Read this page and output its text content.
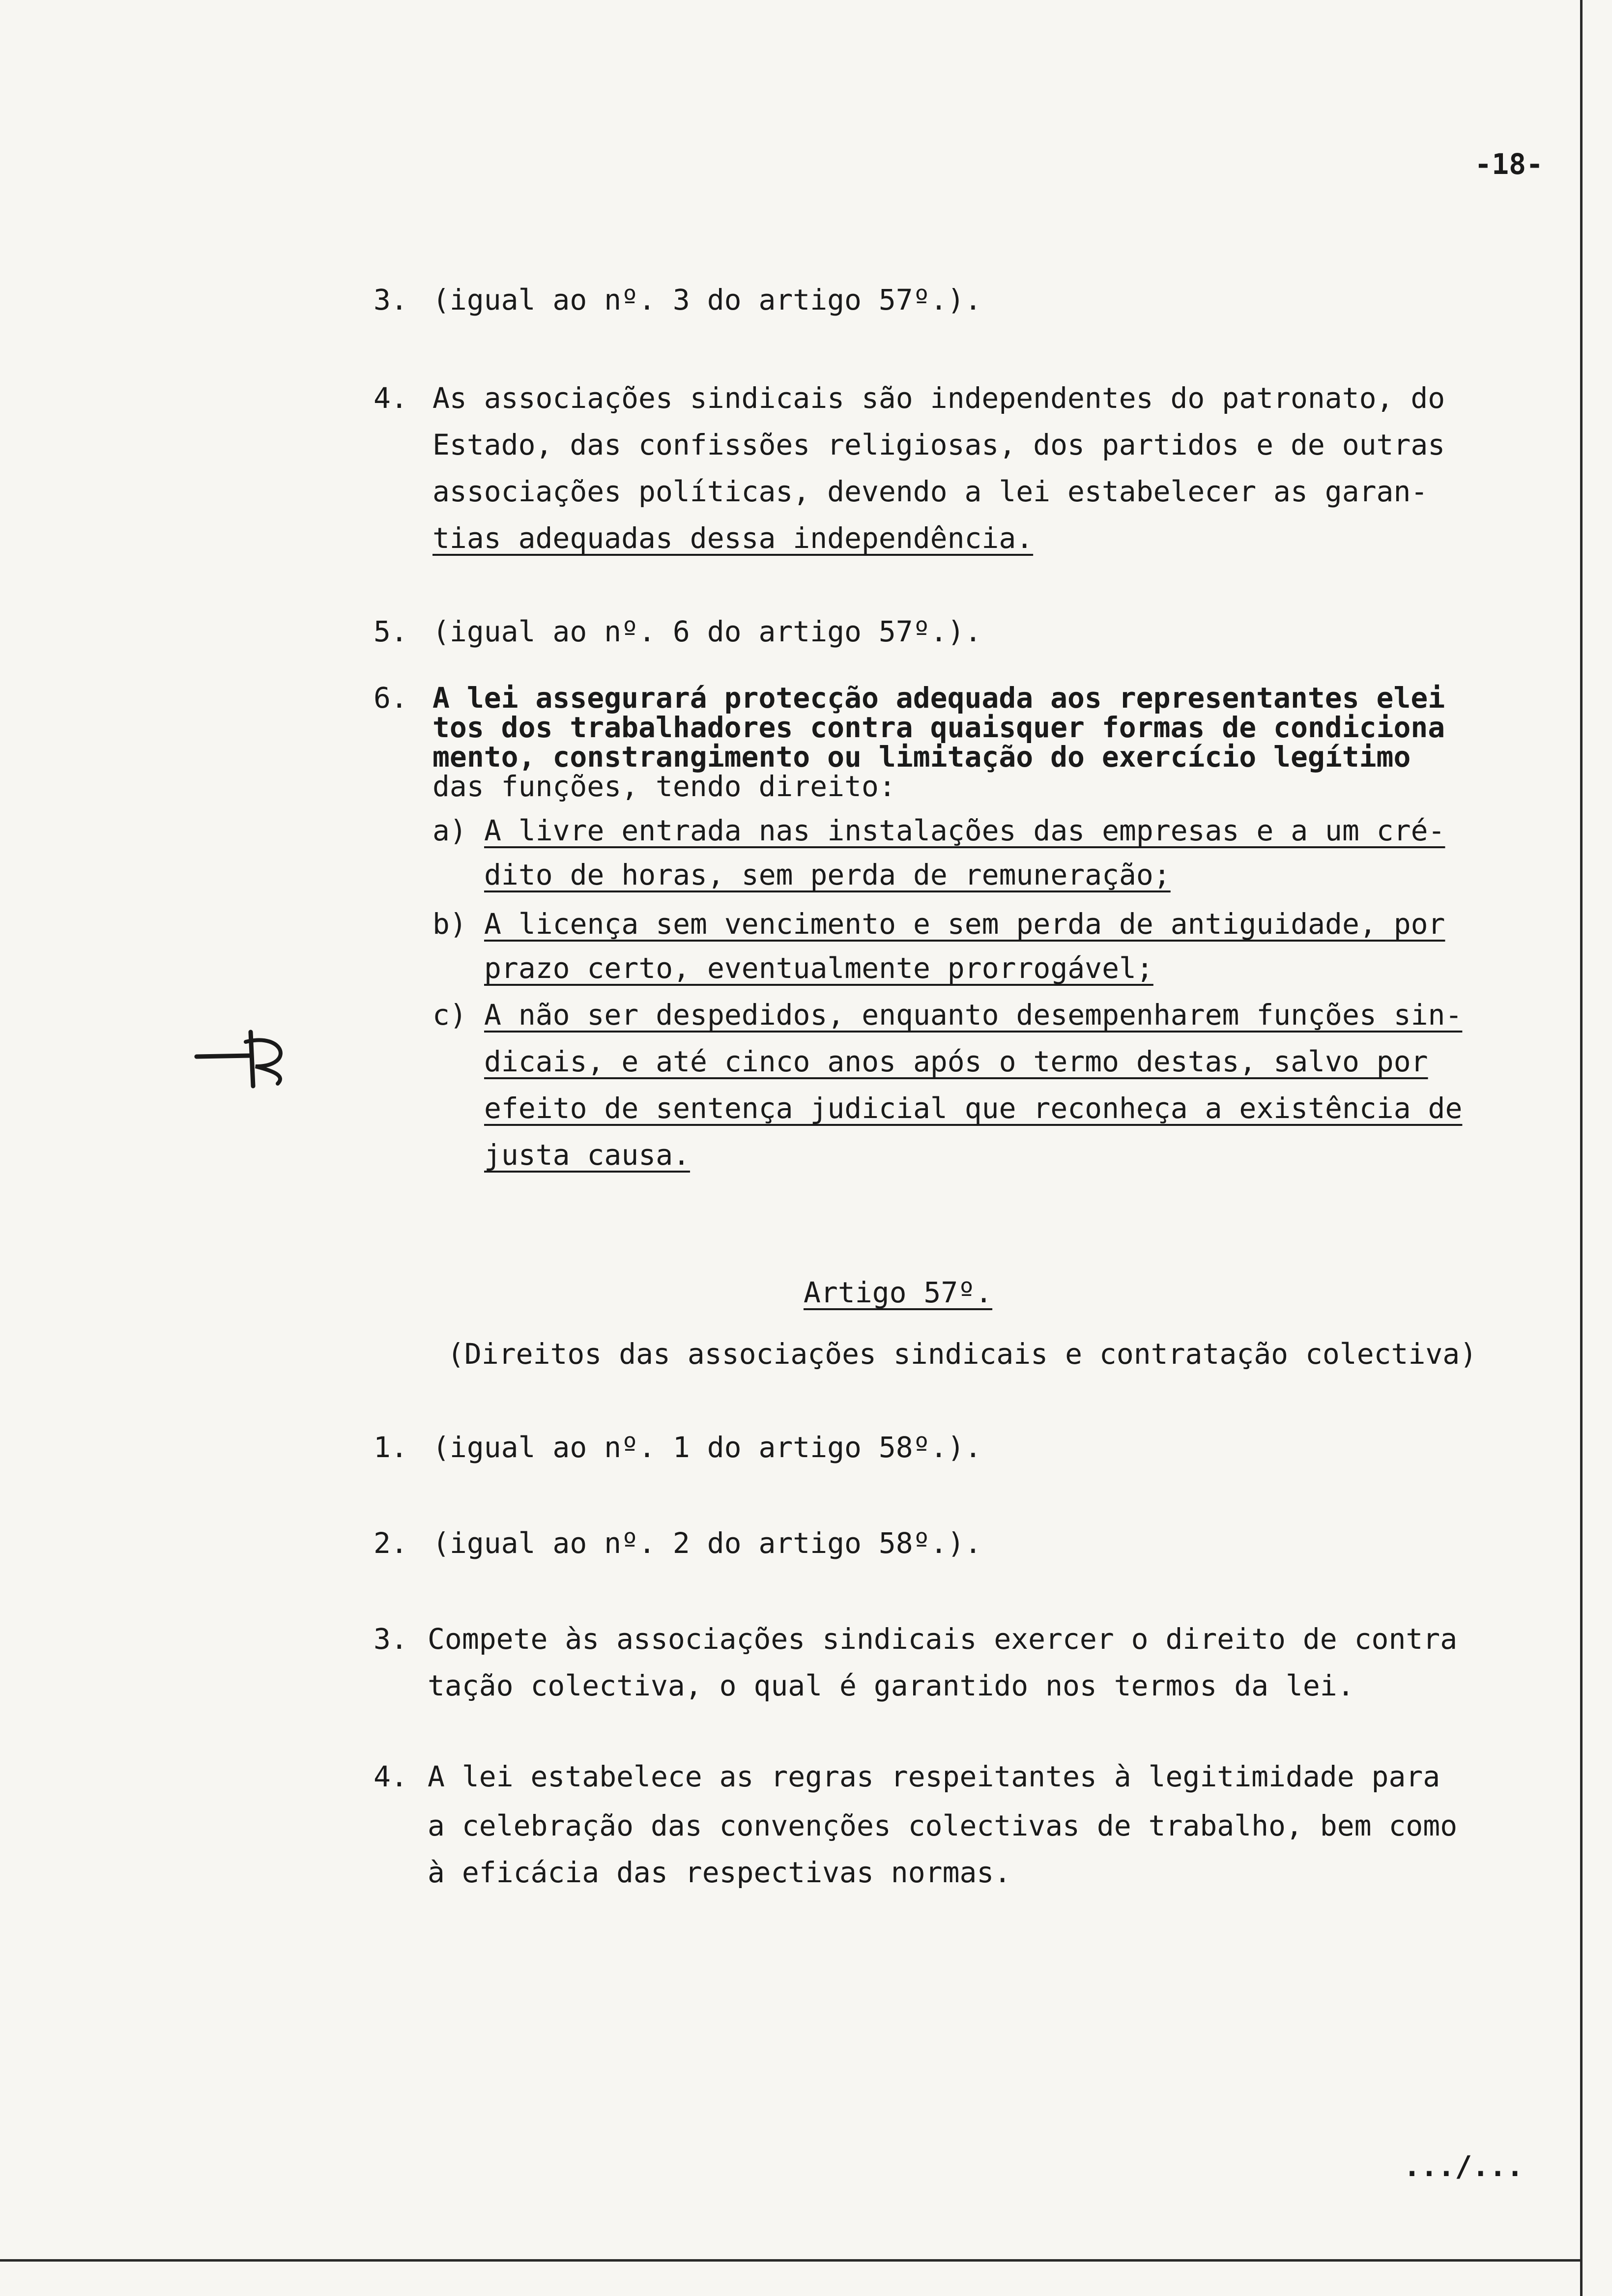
-18-
3. (igual ao nº. 3 do artigo 57º.).
4. As associações sindicais são independentes do patronato, do
Estado, das confissões religiosas, dos partidos e de outras
associações políticas, devendo a lei estabelecer as garan-
tias adequadas dessa independência.
5. (igual ao nº. 6 do artigo 57º.).
6. A lei assegurará protecção adequada aos representantes elei
tos dos trabalhadores contra quaisquer formas de condiciona
mento, constrangimento ou limitação do exercício legítimo
das funções, tendo direito:
a) A livre entrada nas instalações das empresas e a um cré-
dito de horas, sem perda de remuneração;
b) A licença sem vencimento e sem perda de antiguidade, por
prazo certo, eventualmente prorrogável;
c) A não ser despedidos, enquanto desempenharem funções sin-
dicais, e até cinco anos após o termo destas, salvo por
efeito de sentença judicial que reconheça a existência de
justa causa.
Artigo 57º.
(Direitos das associações sindicais e contratação colectiva)
1. (igual ao nº. 1 do artigo 58º.).
2. (igual ao nº. 2 do artigo 58º.).
3. Compete às associações sindicais exercer o direito de contra
tação colectiva, o qual é garantido nos termos da lei.
4. A lei estabelece as regras respeitantes à legitimidade para
a celebração das convenções colectivas de trabalho, bem como
à eficácia das respectivas normas.
.../...
